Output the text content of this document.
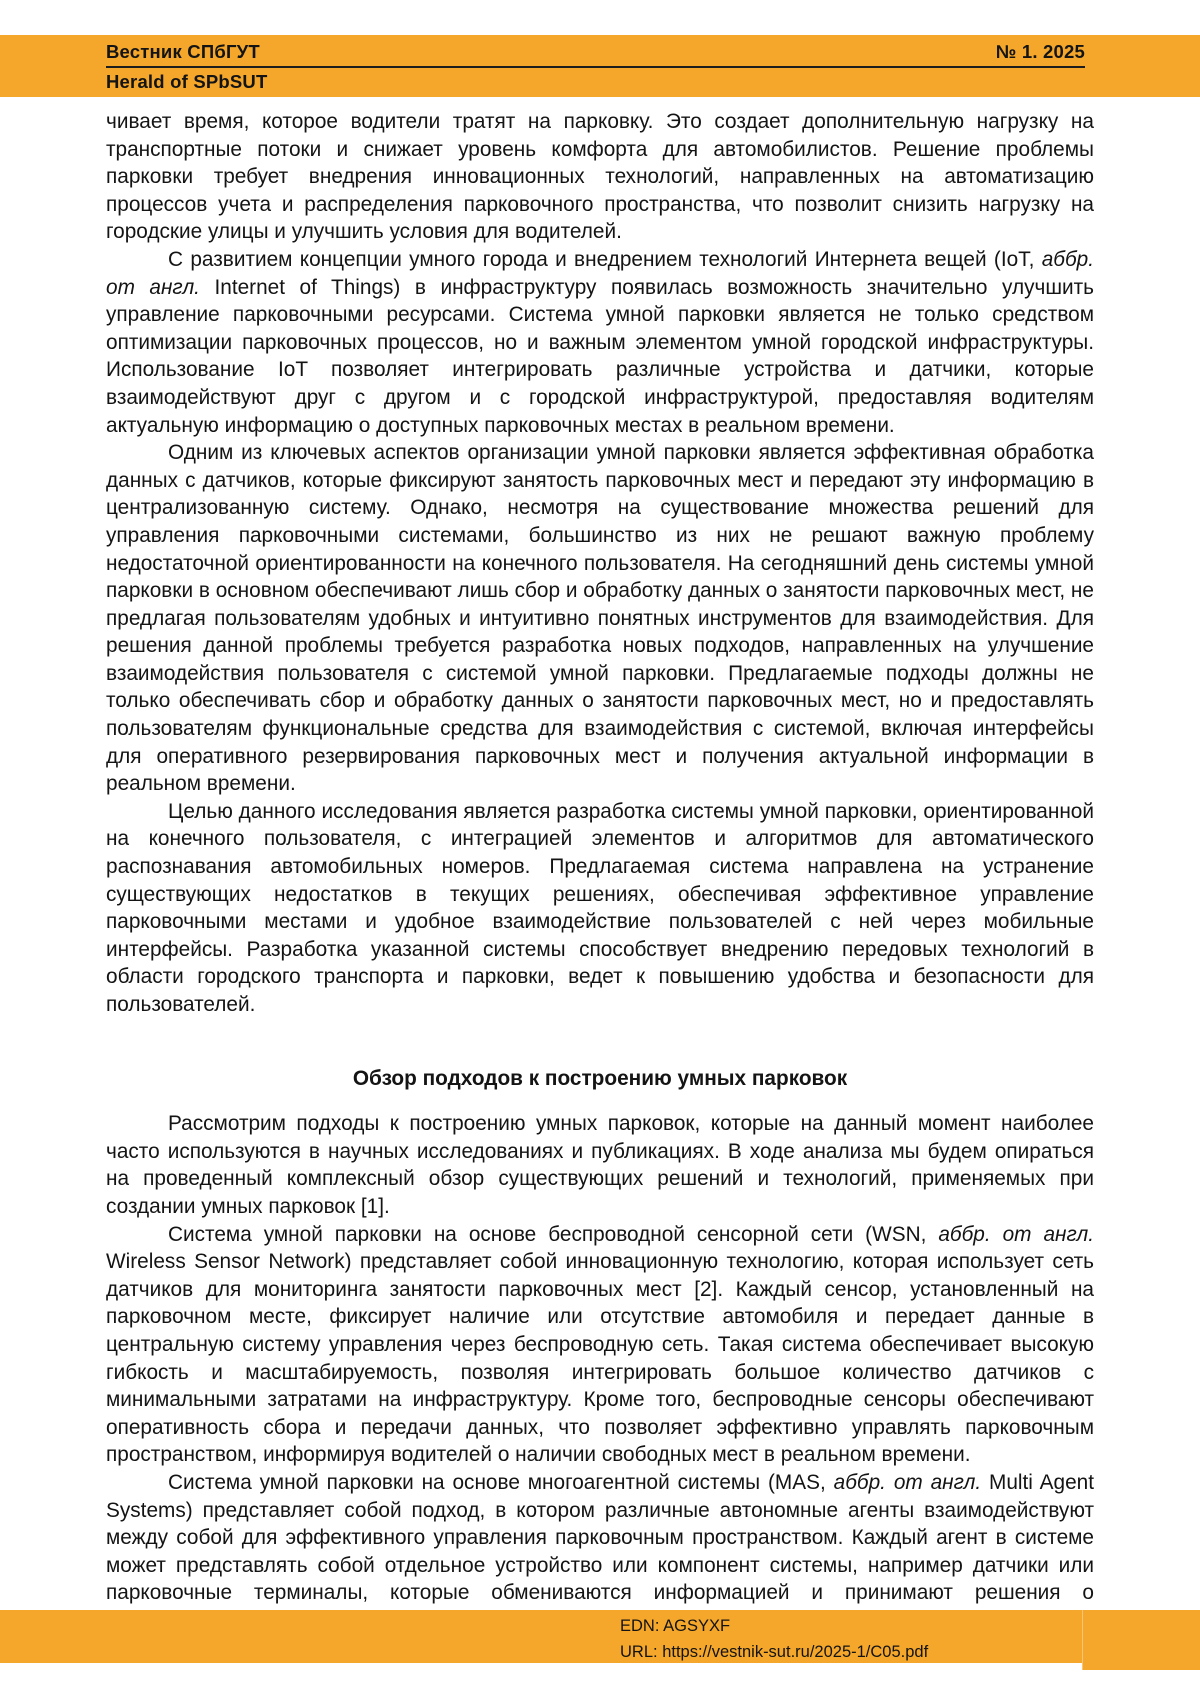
Вестник СПбГУТ	№ 1. 2025
Herald of SPbSUT

чивает время, которое водители тратят на парковку. Это создает дополнительную нагрузку на транспортные потоки и снижает уровень комфорта для автомобилистов. Решение проблемы парковки требует внедрения инновационных технологий, направленных на автоматизацию процессов учета и распределения парковочного пространства, что позволит снизить нагрузку на городские улицы и улучшить условия для водителей.

С развитием концепции умного города и внедрением технологий Интернета вещей (IoT, аббр. от англ. Internet of Things) в инфраструктуру появилась возможность значительно улучшить управление парковочными ресурсами. Система умной парковки является не только средством оптимизации парковочных процессов, но и важным элементом умной городской инфраструктуры. Использование IoT позволяет интегрировать различные устройства и датчики, которые взаимодействуют друг с другом и с городской инфраструктурой, предоставляя водителям актуальную информацию о доступных парковочных местах в реальном времени.

Одним из ключевых аспектов организации умной парковки является эффективная обработка данных с датчиков, которые фиксируют занятость парковочных мест и передают эту информацию в централизованную систему. Однако, несмотря на существование множества решений для управления парковочными системами, большинство из них не решают важную проблему недостаточной ориентированности на конечного пользователя. На сегодняшний день системы умной парковки в основном обеспечивают лишь сбор и обработку данных о занятости парковочных мест, не предлагая пользователям удобных и интуитивно понятных инструментов для взаимодействия. Для решения данной проблемы требуется разработка новых подходов, направленных на улучшение взаимодействия пользователя с системой умной парковки. Предлагаемые подходы должны не только обеспечивать сбор и обработку данных о занятости парковочных мест, но и предоставлять пользователям функциональные средства для взаимодействия с системой, включая интерфейсы для оперативного резервирования парковочных мест и получения актуальной информации в реальном времени.

Целью данного исследования является разработка системы умной парковки, ориентированной на конечного пользователя, с интеграцией элементов и алгоритмов для автоматического распознавания автомобильных номеров. Предлагаемая система направлена на устранение существующих недостатков в текущих решениях, обеспечивая эффективное управление парковочными местами и удобное взаимодействие пользователей с ней через мобильные интерфейсы. Разработка указанной системы способствует внедрению передовых технологий в области городского транспорта и парковки, ведет к повышению удобства и безопасности для пользователей.

Обзор подходов к построению умных парковок

Рассмотрим подходы к построению умных парковок, которые на данный момент наиболее часто используются в научных исследованиях и публикациях. В ходе анализа мы будем опираться на проведенный комплексный обзор существующих решений и технологий, применяемых при создании умных парковок [1].

Система умной парковки на основе беспроводной сенсорной сети (WSN, аббр. от англ. Wireless Sensor Network) представляет собой инновационную технологию, которая использует сеть датчиков для мониторинга занятости парковочных мест [2]. Каждый сенсор, установленный на парковочном месте, фиксирует наличие или отсутствие автомобиля и передает данные в центральную систему управления через беспроводную сеть. Такая система обеспечивает высокую гибкость и масштабируемость, позволяя интегрировать большое количество датчиков с минимальными затратами на инфраструктуру. Кроме того, беспроводные сенсоры обеспечивают оперативность сбора и передачи данных, что позволяет эффективно управлять парковочным пространством, информируя водителей о наличии свободных мест в реальном времени.

Система умной парковки на основе многоагентной системы (MAS, аббр. от англ. Multi Agent Systems) представляет собой подход, в котором различные автономные агенты взаимодействуют между собой для эффективного управления парковочным пространством. Каждый агент в системе может представлять собой отдельное устройство или компонент системы, например датчики или парковочные терминалы, которые обмениваются информацией и принимают решения о

EDN: AGSYXF
URL: https://vestnik-sut.ru/2025-1/C05.pdf
